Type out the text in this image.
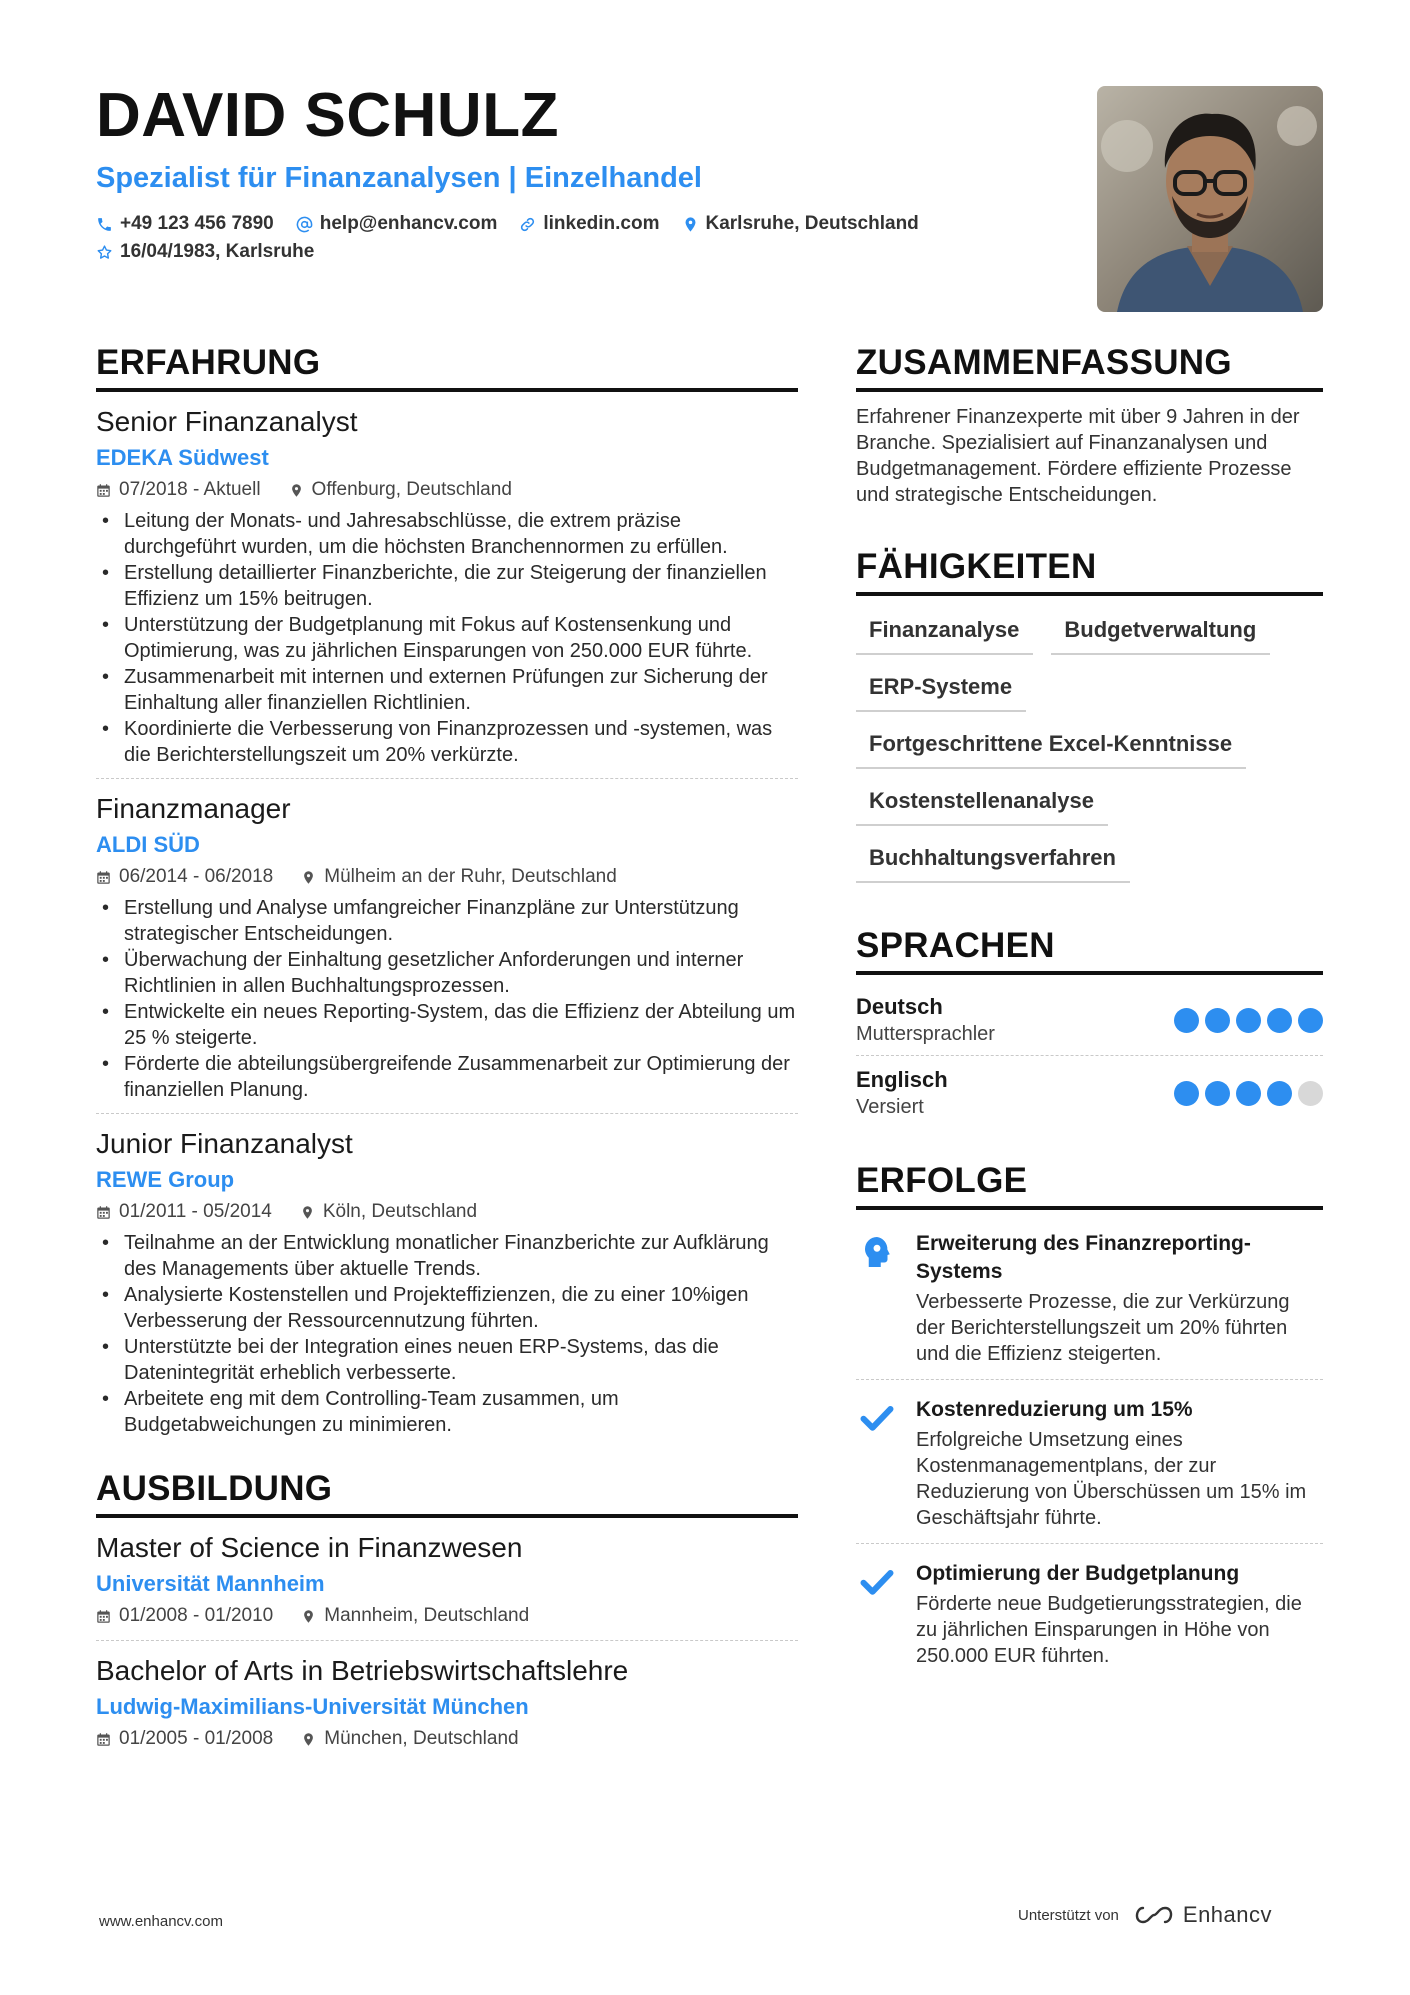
DAVID SCHULZ
Spezialist für Finanzanalysen | Einzelhandel
+49 123 456 7890 help@enhancv.com linkedin.com Karlsruhe, Deutschland
16/04/1983, Karlsruhe
ERFAHRUNG
Senior Finanzanalyst
EDEKA Südwest
07/2018 - Aktuell	Offenburg, Deutschland
• Leitung der Monats- und Jahresabschlüsse, die extrem präzise durchgeführt wurden, um die höchsten Branchennormen zu erfüllen.
• Erstellung detaillierter Finanzberichte, die zur Steigerung der finanziellen Effizienz um 15% beitrugen.
• Unterstützung der Budgetplanung mit Fokus auf Kostensenkung und Optimierung, was zu jährlichen Einsparungen von 250.000 EUR führte.
• Zusammenarbeit mit internen und externen Prüfungen zur Sicherung der Einhaltung aller finanziellen Richtlinien.
• Koordinierte die Verbesserung von Finanzprozessen und -systemen, was die Berichterstellungszeit um 20% verkürzte.
Finanzmanager
ALDI SÜD
06/2014 - 06/2018	Mülheim an der Ruhr, Deutschland
• Erstellung und Analyse umfangreicher Finanzpläne zur Unterstützung strategischer Entscheidungen.
• Überwachung der Einhaltung gesetzlicher Anforderungen und interner Richtlinien in allen Buchhaltungsprozessen.
• Entwickelte ein neues Reporting-System, das die Effizienz der Abteilung um 25 % steigerte.
• Förderte die abteilungsübergreifende Zusammenarbeit zur Optimierung der finanziellen Planung.
Junior Finanzanalyst
REWE Group
01/2011 - 05/2014	Köln, Deutschland
• Teilnahme an der Entwicklung monatlicher Finanzberichte zur Aufklärung des Managements über aktuelle Trends.
• Analysierte Kostenstellen und Projekteffizienzen, die zu einer 10%igen Verbesserung der Ressourcennutzung führten.
• Unterstützte bei der Integration eines neuen ERP-Systems, das die Datenintegrität erheblich verbesserte.
• Arbeitete eng mit dem Controlling-Team zusammen, um Budgetabweichungen zu minimieren.
AUSBILDUNG
Master of Science in Finanzwesen
Universität Mannheim
01/2008 - 01/2010	Mannheim, Deutschland
Bachelor of Arts in Betriebswirtschaftslehre
Ludwig-Maximilians-Universität München
01/2005 - 01/2008	München, Deutschland
ZUSAMMENFASSUNG
Erfahrener Finanzexperte mit über 9 Jahren in der Branche. Spezialisiert auf Finanzanalysen und Budgetmanagement. Fördere effiziente Prozesse und strategische Entscheidungen.
FÄHIGKEITEN
Finanzanalyse	Budgetverwaltung
ERP-Systeme
Fortgeschrittene Excel-Kenntnisse
Kostenstellenanalyse
Buchhaltungsverfahren
SPRACHEN
Deutsch
Muttersprachler
Englisch
Versiert
ERFOLGE
Erweiterung des Finanzreporting-Systems
Verbesserte Prozesse, die zur Verkürzung der Berichterstellungszeit um 20% führten und die Effizienz steigerten.
Kostenreduzierung um 15%
Erfolgreiche Umsetzung eines Kostenmanagementplans, der zur Reduzierung von Überschüssen um 15% im Geschäftsjahr führte.
Optimierung der Budgetplanung
Förderte neue Budgetierungsstrategien, die zu jährlichen Einsparungen in Höhe von 250.000 EUR führten.
www.enhancv.com	Unterstützt von	Enhancv
